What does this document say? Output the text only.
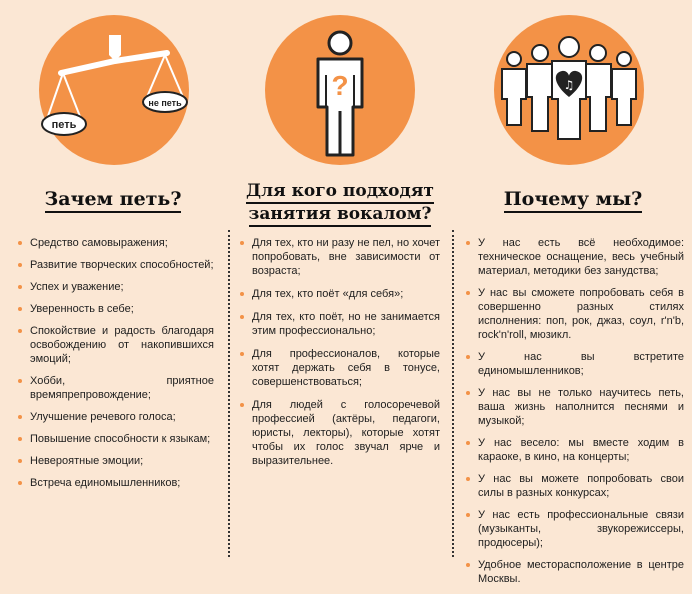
петь
не петь
Зачем петь?
Средство самовыражения;
Развитие творческих способностей;
Успех и уважение;
Уверенность в себе;
Спокойствие и радость благодаря освобождению от накопившихся эмоций;
Хобби, приятное времяпрепровождение;
Улучшение речевого голоса;
Повышение способности к языкам;
Невероятные эмоции;
Встреча единомышленников;
?
Для кого подходят
занятия вокалом?
Для тех, кто ни разу не пел, но хочет попробовать, вне зависимости от возраста;
Для тех, кто поёт «для себя»;
Для тех, кто поёт, но не занимается этим профессионально;
Для профессионалов, которые хотят держать себя в тонусе, совершенствоваться;
Для людей с голосоречевой профессией (актёры, педагоги, юристы, лекторы), которые хотят чтобы их голос звучал ярче и выразительнее.
♫
Почему мы?
У нас есть всё необходимое: техническое оснащение, весь учебный материал, методики без занудства;
У нас вы сможете попробовать себя в совершенно разных стилях исполнения: поп, рок, джаз, соул, r'n'b, rock'n'roll, мюзикл.
У нас вы встретите единомышленников;
У нас вы не только научитесь петь, ваша жизнь наполнится песнями и музыкой;
У нас весело: мы вместе ходим в караоке, в кино, на концерты;
У нас вы можете попробовать свои силы в разных конкурсах;
У нас есть профессиональные связи (музыканты, звукорежиссеры, продюсеры);
Удобное месторасположение в центре Москвы.
